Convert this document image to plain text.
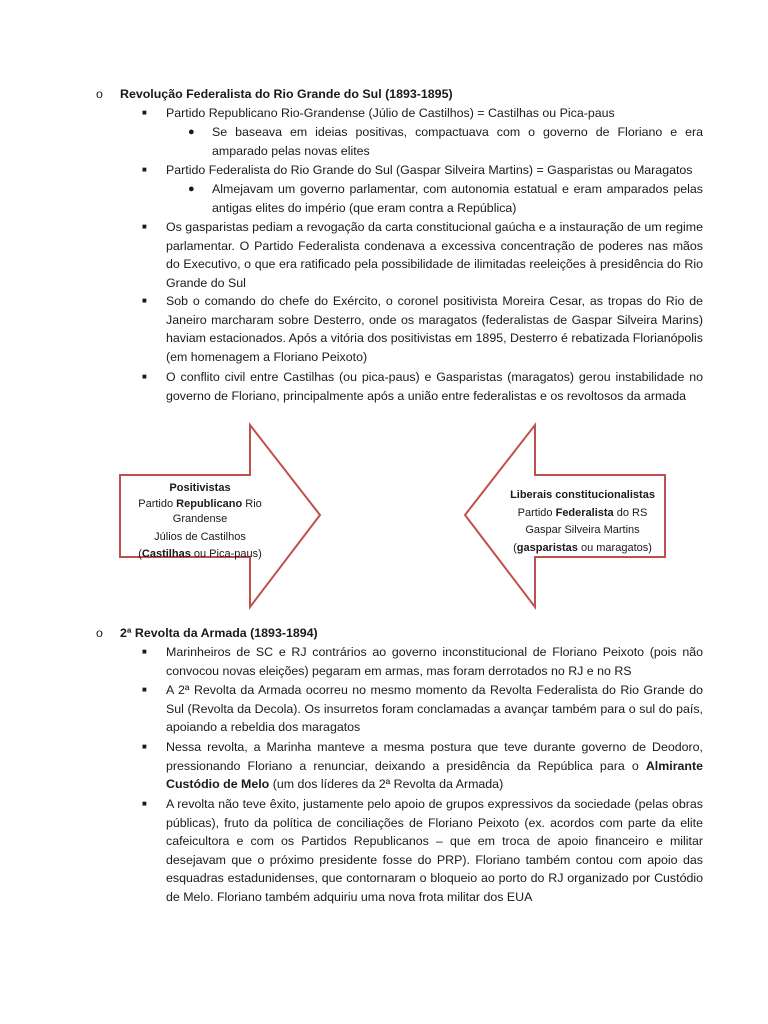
o Revolução Federalista do Rio Grande do Sul (1893-1895)
■ Partido Republicano Rio-Grandense (Júlio de Castilhos) = Castilhas ou Pica-paus

● Se baseava em ideias positivas, compactuava com o governo de Floriano e era amparado pelas novas elites

■ Partido Federalista do Rio Grande do Sul (Gaspar Silveira Martins) = Gasparistas ou Maragatos

● Almejavam um governo parlamentar, com autonomia estatual e eram amparados pelas antigas elites do império (que eram contra a República)

■ Os gasparistas pediam a revogação da carta constitucional gaúcha e a instauração de um regime parlamentar. O Partido Federalista condenava a excessiva concentração de poderes nas mãos do Executivo, o que era ratificado pela possibilidade de ilimitadas reeleições à presidência do Rio Grande do Sul

■ Sob o comando do chefe do Exército, o coronel positivista Moreira Cesar, as tropas do Rio de Janeiro marcharam sobre Desterro, onde os maragatos (federalistas de Gaspar Silveira Marins) haviam estacionados. Após a vitória dos positivistas em 1895, Desterro é rebatizada Florianópolis (em homenagem a Floriano Peixoto)

■ O conflito civil entre Castilhas (ou pica-paus) e Gasparistas (maragatos) gerou instabilidade no governo de Floriano, principalmente após a união entre federalistas e os revoltosos da armada

Positivistas
Partido Republicano Rio
Grandense
Júlios de Castilhos
(Castilhas ou Pica-paus)
Liberais constitucionalistas
Partido Federalista do RS
Gaspar Silveira Martins
(gasparistas ou maragatos)
o 2ª Revolta da Armada (1893-1894)
■ Marinheiros de SC e RJ contrários ao governo inconstitucional de Floriano Peixoto (pois não convocou novas eleições) pegaram em armas, mas foram derrotados no RJ e no RS

■ A 2ª Revolta da Armada ocorreu no mesmo momento da Revolta Federalista do Rio Grande do Sul (Revolta da Decola). Os insurretos foram conclamadas a avançar também para o sul do país, apoiando a rebeldia dos maragatos

■ Nessa revolta, a Marinha manteve a mesma postura que teve durante governo de Deodoro, pressionando Floriano a renunciar, deixando a presidência da República para o Almirante Custódio de Melo (um dos líderes da 2ª Revolta da Armada)

■ A revolta não teve êxito, justamente pelo apoio de grupos expressivos da sociedade (pelas obras públicas), fruto da política de conciliações de Floriano Peixoto (ex. acordos com parte da elite cafeicultora e com os Partidos Republicanos – que em troca de apoio financeiro e militar desejavam que o próximo presidente fosse do PRP). Floriano também contou com apoio das esquadras estadunidenses, que contornaram o bloqueio ao porto do RJ organizado por Custódio de Melo. Floriano também adquiriu uma nova frota militar dos EUA
